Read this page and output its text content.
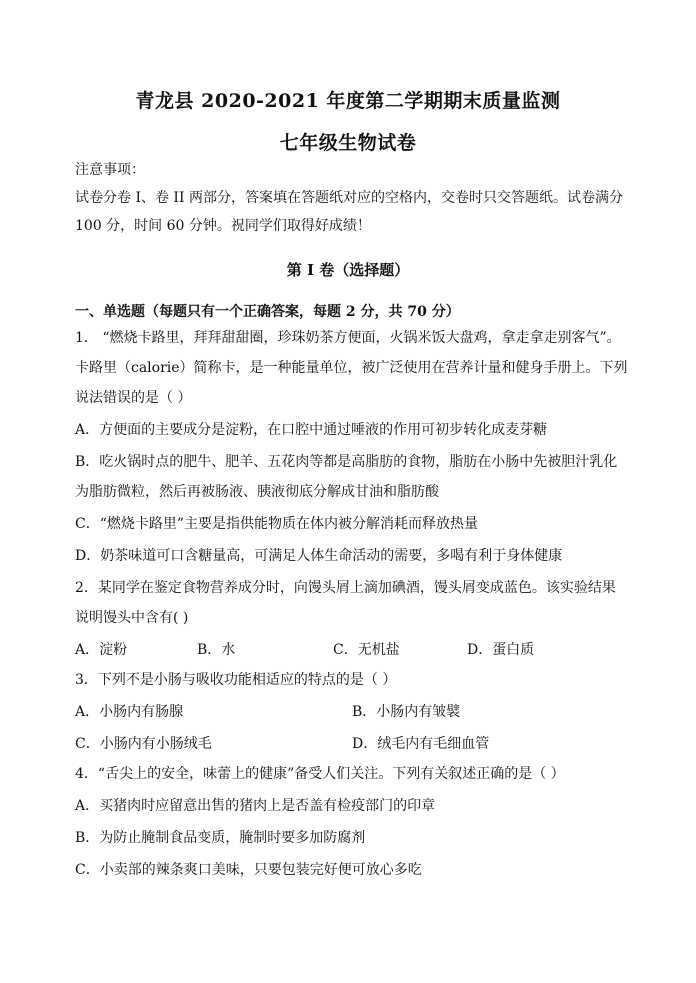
青龙县 2020-2021 年度第二学期期末质量监测
七年级生物试卷
注意事项：
试卷分卷 I、卷 II 两部分，答案填在答题纸对应的空格内，交卷时只交答题纸。试卷满分
100 分，时间 60 分钟。祝同学们取得好成绩！
第 I 卷（选择题）
一、单选题（每题只有一个正确答案，每题 2 分，共 70 分）
1． “燃烧卡路里，拜拜甜甜圈，珍珠奶茶方便面，火锅米饭大盘鸡，拿走拿走别客气”。
卡路里（calorie）简称卡，是一种能量单位，被广泛使用在营养计量和健身手册上。下列
说法错误的是（ ）
A．方便面的主要成分是淀粉，在口腔中通过唾液的作用可初步转化成麦芽糖
B．吃火锅时点的肥牛、肥羊、五花肉等都是高脂肪的食物，脂肪在小肠中先被胆汁乳化
为脂肪微粒，然后再被肠液、胰液彻底分解成甘油和脂肪酸
C．“燃烧卡路里”主要是指供能物质在体内被分解消耗而释放热量
D．奶茶味道可口含糖量高，可满足人体生命活动的需要，多喝有利于身体健康
2．某同学在鉴定食物营养成分时，向馒头屑上滴加碘酒，馒头屑变成蓝色。该实验结果
说明馒头中含有( )
A．淀粉	B．水	C．无机盐	D．蛋白质
3．下列不是小肠与吸收功能相适应的特点的是（ ）
A．小肠内有肠腺	B．小肠内有皱襞
C．小肠内有小肠绒毛	D．绒毛内有毛细血管
4．“舌尖上的安全，味蕾上的健康”备受人们关注。下列有关叙述正确的是（ ）
A．买猪肉时应留意出售的猪肉上是否盖有检疫部门的印章
B．为防止腌制食品变质，腌制时要多加防腐剂
C．小卖部的辣条爽口美味，只要包装完好便可放心多吃
